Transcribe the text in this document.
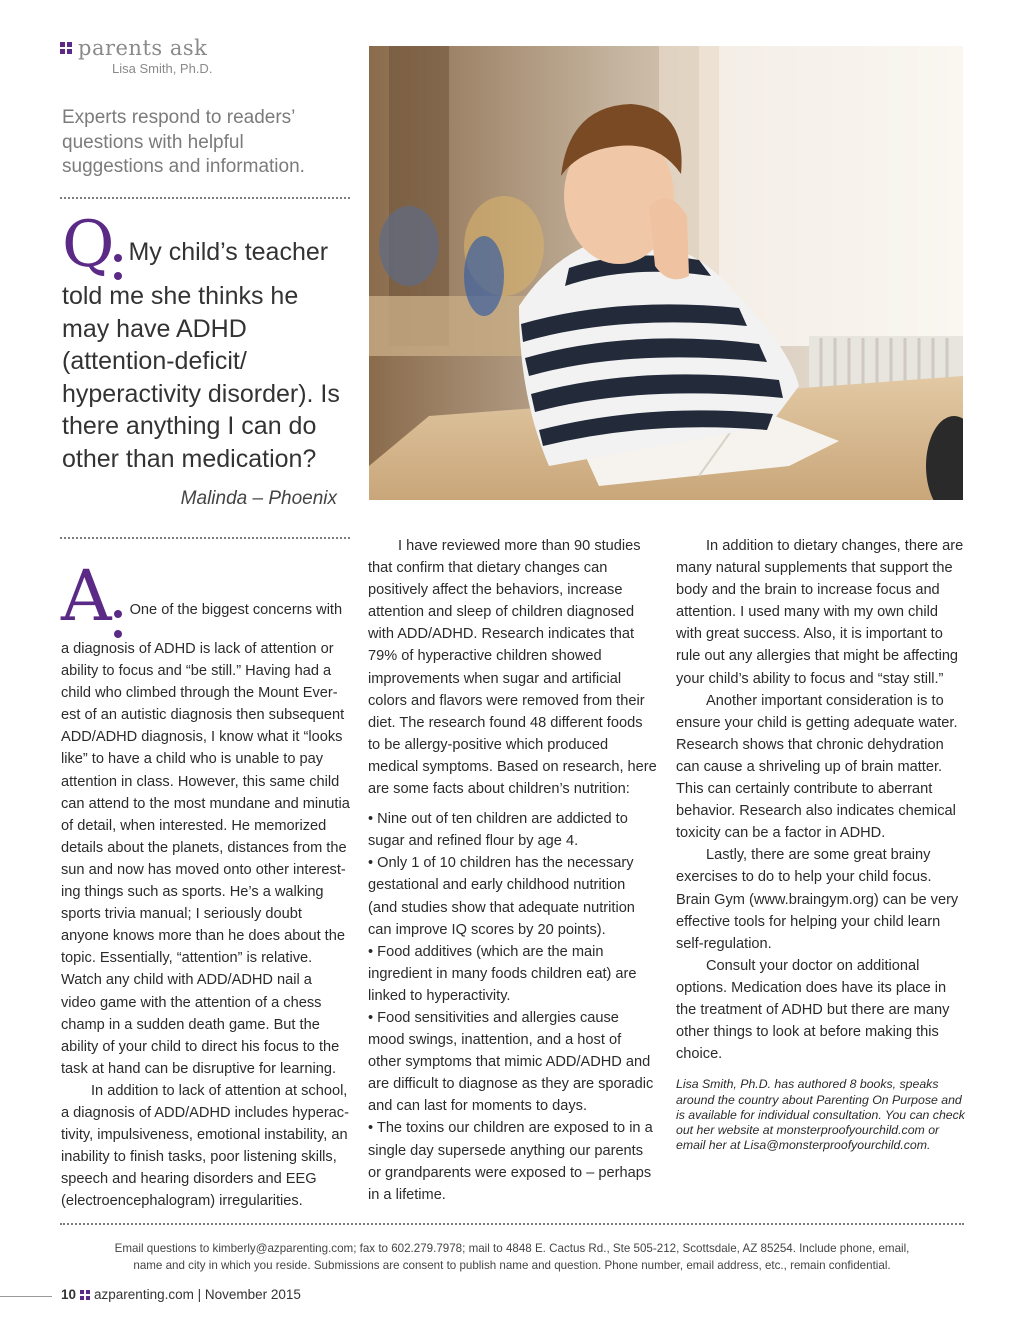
parents ask
Lisa Smith, Ph.D.
Experts respond to readers’ questions with helpful suggestions and information.
Q My child’s teacher told me she thinks he may have ADHD (attention-deficit/ hyperactivity disorder). Is there anything I can do other than medication?
Malinda – Phoenix

A One of the biggest concerns with a diagnosis of ADHD is lack of attention or ability to focus and “be still.” Having had a child who climbed through the Mount Everest of an autistic diagnosis then subsequent ADD/ADHD diagnosis, I know what it “looks like” to have a child who is unable to pay attention in class. However, this same child can attend to the most mundane and minutia of detail, when interested. He memorized details about the planets, distances from the sun and now has moved onto other interesting things such as sports. He’s a walking sports trivia manual; I seriously doubt anyone knows more than he does about the topic. Essentially, “attention” is relative. Watch any child with ADD/ADHD nail a video game with the attention of a chess champ in a sudden death game. But the ability of your child to direct his focus to the task at hand can be disruptive for learning.

In addition to lack of attention at school, a diagnosis of ADD/ADHD includes hyperactivity, impulsiveness, emotional instability, an inability to finish tasks, poor listening skills, speech and hearing disorders and EEG (electroencephalogram) irregularities.

I have reviewed more than 90 studies that confirm that dietary changes can positively affect the behaviors, increase attention and sleep of children diagnosed with ADD/ADHD. Research indicates that 79% of hyperactive children showed improvements when sugar and artificial colors and flavors were removed from their diet. The research found 48 different foods to be allergy-positive which produced medical symptoms. Based on research, here are some facts about children’s nutrition:

• Nine out of ten children are addicted to sugar and refined flour by age 4.

• Only 1 of 10 children has the necessary gestational and early childhood nutrition (and studies show that adequate nutrition can improve IQ scores by 20 points).

• Food additives (which are the main ingredient in many foods children eat) are linked to hyperactivity.

• Food sensitivities and allergies cause mood swings, inattention, and a host of other symptoms that mimic ADD/ADHD and are difficult to diagnose as they are sporadic and can last for moments to days.

• The toxins our children are exposed to in a single day supersede anything our parents or grandparents were exposed to – perhaps in a lifetime.

In addition to dietary changes, there are many natural supplements that support the body and the brain to increase focus and attention. I used many with my own child with great success. Also, it is important to rule out any allergies that might be affecting your child’s ability to focus and “stay still.”

Another important consideration is to ensure your child is getting adequate water. Research shows that chronic dehydration can cause a shriveling up of brain matter. This can certainly contribute to aberrant behavior. Research also indicates chemical toxicity can be a factor in ADHD.

Lastly, there are some great brainy exercises to do to help your child focus. Brain Gym (www.braingym.org) can be very effective tools for helping your child learn self-regulation.

Consult your doctor on additional options. Medication does have its place in the treatment of ADHD but there are many other things to look at before making this choice.

Lisa Smith, Ph.D. has authored 8 books, speaks around the country about Parenting On Purpose and is available for individual consultation. You can check out her website at monsterproofyourchild.com or email her at Lisa@monsterproofyourchild.com.

Email questions to kimberly@azparenting.com; fax to 602.279.7978; mail to 4848 E. Cactus Rd., Ste 505-212, Scottsdale, AZ 85254. Include phone, email, name and city in which you reside. Submissions are consent to publish name and question. Phone number, email address, etc., remain confidential.
10 azparenting.com | November 2015
